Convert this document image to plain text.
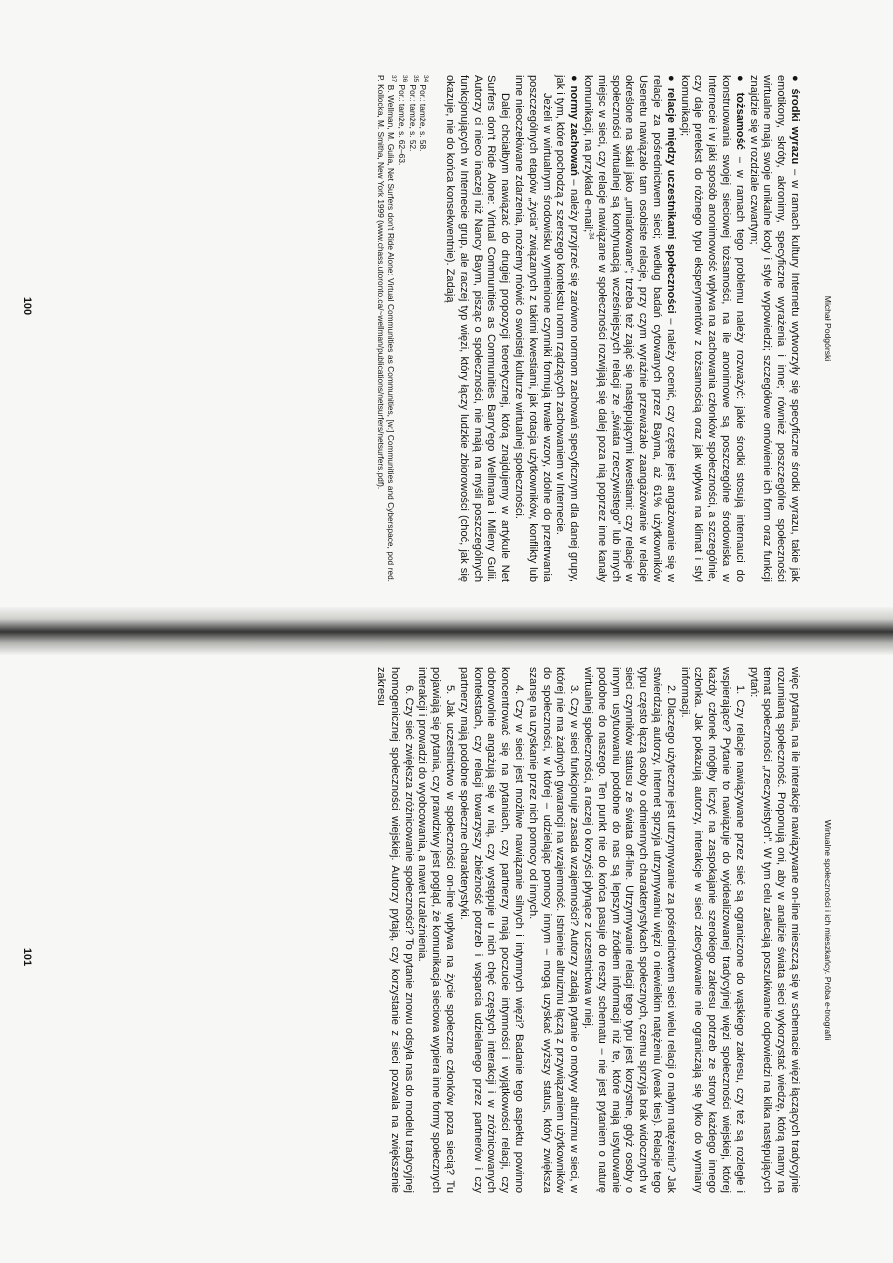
Michał Podgórski

● środki wyrazu – w ramach kultury Internetu wytworzyły się specyficzne środki wyrazu, takie jak emotikony, skróty, akronimy, specyficzne wyrażenia i inne; również poszczególne społeczności wirtualne mają swoje unikalne kody i style wypowiedzi; szczegółowe omówienie ich form oraz funkcji znajdzie się w rozdziale czwartym;

● tożsamość – w ramach tego problemu należy rozważyć: jakie środki stosują internauci do konstruowania swojej sieciowej tożsamości, na ile anonimowe są poszczególne środowiska w Internecie i w jaki sposób anonimowość wpływa na zachowania członków społeczności, a szczególnie, czy daje pretekst do różnego typu eksperymentów z tożsamością oraz jak wpływa na klimat i styl komunikacji;

● relacje między uczestnikami społeczności – należy ocenić, czy częste jest angażowanie się w relacje za pośrednictwem sieci; według badań cytowanych przez Bayma, aż 61% użytkowników Usenetu nawiązało tam osobiste relacje, przy czym wyraźnie przeważało zaangażowanie w relacje określone na skali jako „umiarkowane”; trzeba też zająć się następującymi kwestiami: czy relacje w społeczności wirtualnej są kontynuacją wcześniejszych relacji ze „świata rzeczywistego” lub innych miejsc w sieci, czy relacje nawiązane w społeczności rozwijają się dalej poza nią poprzez inne kanały komunikacji, na przykład e-mail;$^{34}$

● normy zachowań – należy przyjrzeć się zarówno normom zachowań specyficznym dla danej grupy, jak i tym, które pochodzą z szerszego kontekstu norm rządzących zachowaniem w Internecie.

Jeżeli w wirtualnym środowisku wymienione czynniki formują trwałe wzory, zdolne do przetrwania poszczególnych etapów „życia” związanych z takimi kwestiami, jak rotacja użytkowników, konflikty lub inne nieoczekiwane zdarzenia, możemy mówić o swoistej kulturze wirtualnej społeczności.

Dalej chciałbym nawiązać do drugiej propozycji teoretycznej, którą znajdujemy w artykule Net Surfers don't Ride Alone: Virtual Communities as Communities Barry'ego Wellmana i Mileny Gulii. Autorzy ci nieco inaczej niż Nancy Baym, pisząc o społeczności, nie mają na myśli poszczególnych funkcjonujących w Internecie grup, ale raczej typ więzi, który łączy ludzkie zbiorowości (choć, jak się okazuje, nie do końca konsekwentnie). Zadają

$^{34}$ Por.: tamże, s. 58.

$^{35}$ Por.: tamże, s. 52.

$^{36}$ Por.: tamże, s. 62–63.

$^{37}$ B. Wellman, M. Gulia, Net Surfers don't Ride Alone: Virtual Communities as Communities, [w:] Communities and Cyberspace, pod red. P. Kollocka, M. Smitha, New York 1999 (www.chass.utoronto.ca/~wellman/publications/netsurfers/netsurfers.pdf).

100
Wirtualne społeczności i ich mieszkańcy. Próba e-tnografii

więc pytania, na ile interakcje nawiązywane on-line mieszczą się w schemacie więzi łączących tradycyjnie rozumianą społeczność. Proponują oni, aby w analizie świata sieci wykorzystać wiedzę, którą mamy na temat społeczności „rzeczywistych”. W tym celu zalecają poszukiwanie odpowiedzi na kilka następujących pytań:

1. Czy relacje nawiązywane przez sieć są ograniczone do wąskiego zakresu, czy też są rozległe i wspierające? Pytanie to nawiązuje do wyidealizowanej tradycyjnej więzi społeczności wiejskiej, której każdy członek mógłby liczyć na zaspokajanie szerokiego zakresu potrzeb ze strony każdego innego członka. Jak pokazują autorzy, interakcje w sieci zdecydowanie nie ograniczają się tylko do wymiany informacji.

2. Dlaczego użyteczne jest utrzymywanie za pośrednictwem sieci wielu relacji o małym natężeniu? Jak stwierdzają autorzy, Internet sprzyja utrzymywaniu więzi o niewielkim natężeniu (weak ties). Relacje tego typu często łączą osoby o odmiennych charakterystykach społecznych, czemu sprzyja brak widocznych w sieci czynników statusu ze świata off-line. Utrzymywanie relacji tego typu jest korzystne, gdyż osoby o innym usytuowaniu podobne do nas są lepszym źródłem informacji niż te, które mają usytuowanie podobne do naszego. Ten punkt nie do końca pasuje do reszty schematu – nie jest pytaniem o naturę wirtualnej społeczności, a raczej o korzyści płynące z uczestnictwa w niej.

3. Czy w sieci funkcjonuje zasada wzajemności? Autorzy zadają pytanie o motywy altruizmu w sieci, w której nie ma żadnych gwarancji na wzajemność. Istnienie altruizmu łączą z przywiązaniem użytkowników do społeczności, w której – udzielając pomocy innym – mogą uzyskać wyższy status, który zwiększa szansę na uzyskanie przez nich pomocy od innych.

4. Czy w sieci jest możliwe nawiązanie silnych i intymnych więzi? Badanie tego aspektu powinno koncentrować się na pytaniach, czy partnerzy mają poczucie intymności i wyjątkowości relacji, czy dobrowolnie angażują się w nią, czy występuje u nich chęć częstych interakcji i w zróżnicowanych kontekstach, czy relacji towarzyszy zbieżność potrzeb i wsparcia udzielanego przez partnerów i czy partnerzy mają podobne społeczne charakterystyki.

5. Jak uczestnictwo w społeczności on-line wpływa na życie społeczne członków poza siecią? Tu pojawiają się pytania, czy prawdziwy jest pogląd, że komunikacja sieciowa wypiera inne formy społecznych interakcji i prowadzi do wyobcowania, a nawet uzależnienia.

6. Czy sieć zwiększa zróżnicowanie społeczności? To pytanie znowu odsyła nas do modelu tradycyjnej homogenicznej społeczności wiejskiej. Autorzy pytają, czy korzystanie z sieci pozwala na zwiększenie zakresu

101
